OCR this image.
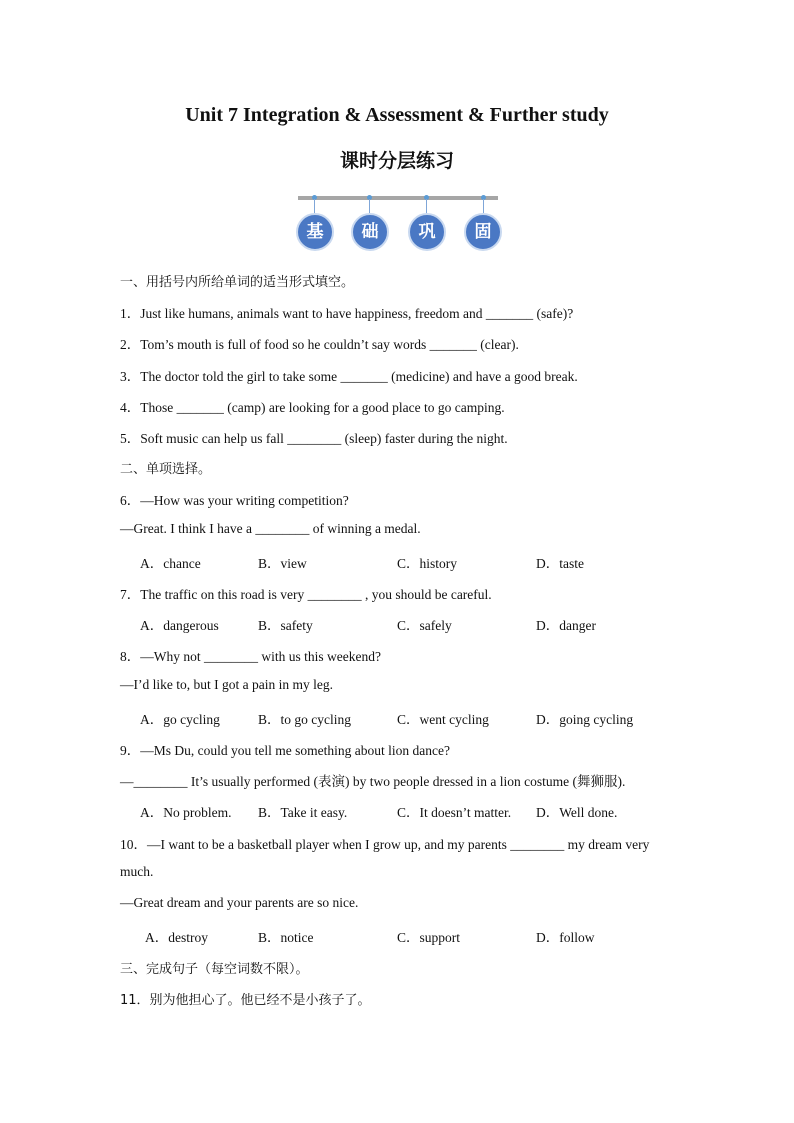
Unit 7 Integration & Assessment & Further study
课时分层练习
基	础	巩	固
一、用括号内所给单词的适当形式填空。
1．Just like humans, animals want to have happiness, freedom and _______ (safe)?
2．Tom’s mouth is full of food so he couldn’t say words _______ (clear).
3．The doctor told the girl to take some _______ (medicine) and have a good break.
4．Those _______ (camp) are looking for a good place to go camping.
5．Soft music can help us fall ________ (sleep) faster during the night.
二、单项选择。
6．—How was your writing competition?
—Great. I think I have a ________ of winning a medal.
A．chance	B．view	C．history	D．taste
7．The traffic on this road is very ________ , you should be careful.
A．dangerous	B．safety	C．safely	D．danger
8．—Why not ________ with us this weekend?
—I’d like to, but I got a pain in my leg.
A．go cycling	B．to go cycling	C．went cycling	D．going cycling
9．—Ms Du, could you tell me something about lion dance?
—________ It’s usually performed (表演) by two people dressed in a lion costume (舞狮服).
A．No problem. B．Take it easy.	C．It doesn’t matter. D．Well done.
10．—I want to be a basketball player when I grow up, and my parents ________ my dream very
much.
—Great dream and your parents are so nice.
A．destroy	B．notice	C．support	D．follow
三、完成句子（每空词数不限）。
11．别为他担心了。他已经不是小孩子了。
